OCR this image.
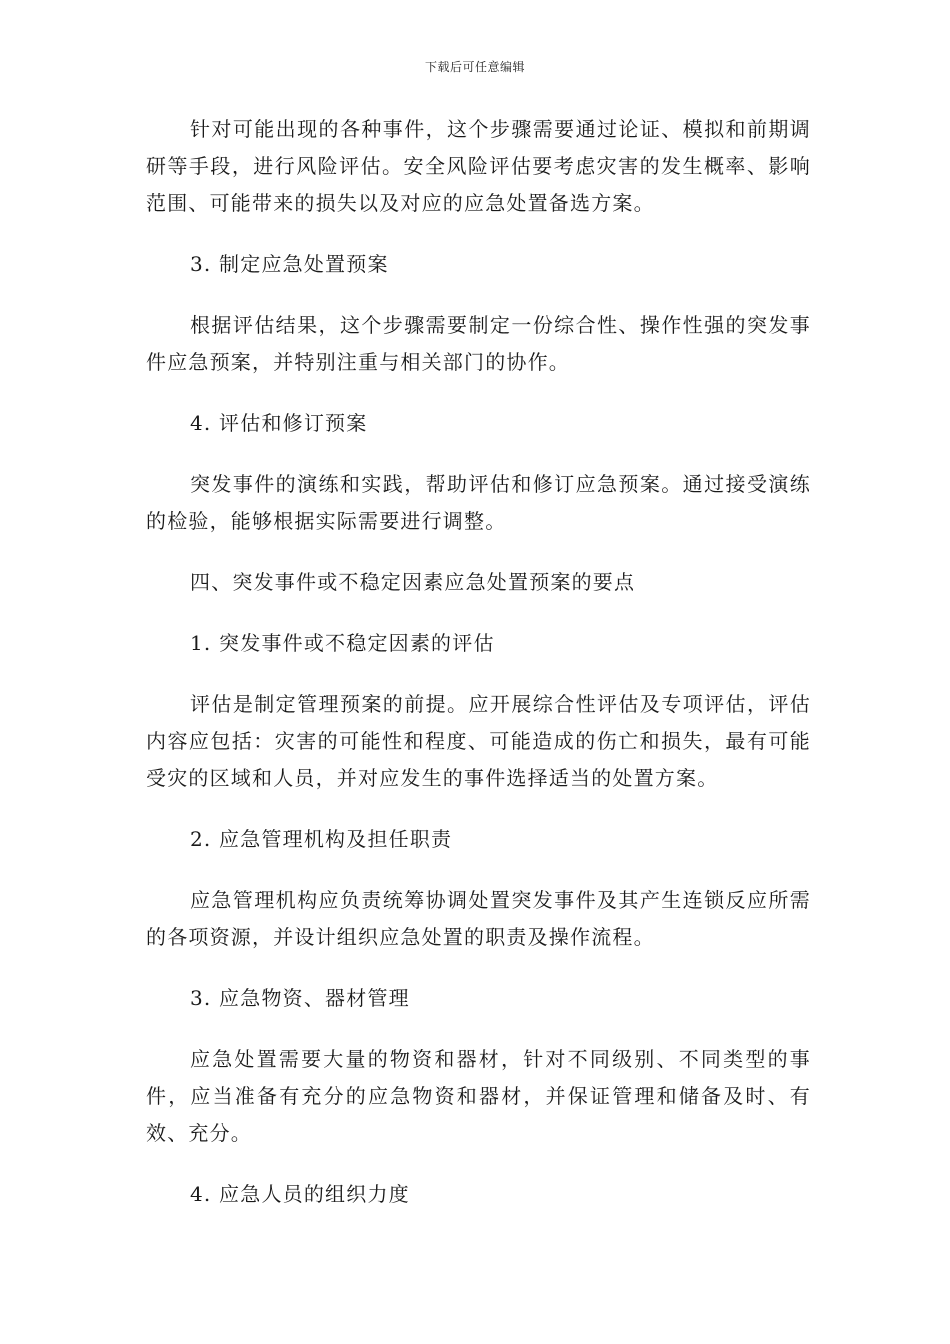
下载后可任意编辑

针对可能出现的各种事件，这个步骤需要通过论证、模拟和前期调研等手段，进行风险评估。安全风险评估要考虑灾害的发生概率、影响范围、可能带来的损失以及对应的应急处置备选方案。

3. 制定应急处置预案

根据评估结果，这个步骤需要制定一份综合性、操作性强的突发事件应急预案，并特别注重与相关部门的协作。

4. 评估和修订预案

突发事件的演练和实践，帮助评估和修订应急预案。通过接受演练的检验，能够根据实际需要进行调整。

四、突发事件或不稳定因素应急处置预案的要点

1. 突发事件或不稳定因素的评估

评估是制定管理预案的前提。应开展综合性评估及专项评估，评估内容应包括：灾害的可能性和程度、可能造成的伤亡和损失，最有可能受灾的区域和人员，并对应发生的事件选择适当的处置方案。

2. 应急管理机构及担任职责

应急管理机构应负责统筹协调处置突发事件及其产生连锁反应所需的各项资源，并设计组织应急处置的职责及操作流程。

3. 应急物资、器材管理

应急处置需要大量的物资和器材，针对不同级别、不同类型的事件，应当准备有充分的应急物资和器材，并保证管理和储备及时、有效、充分。

4. 应急人员的组织力度
